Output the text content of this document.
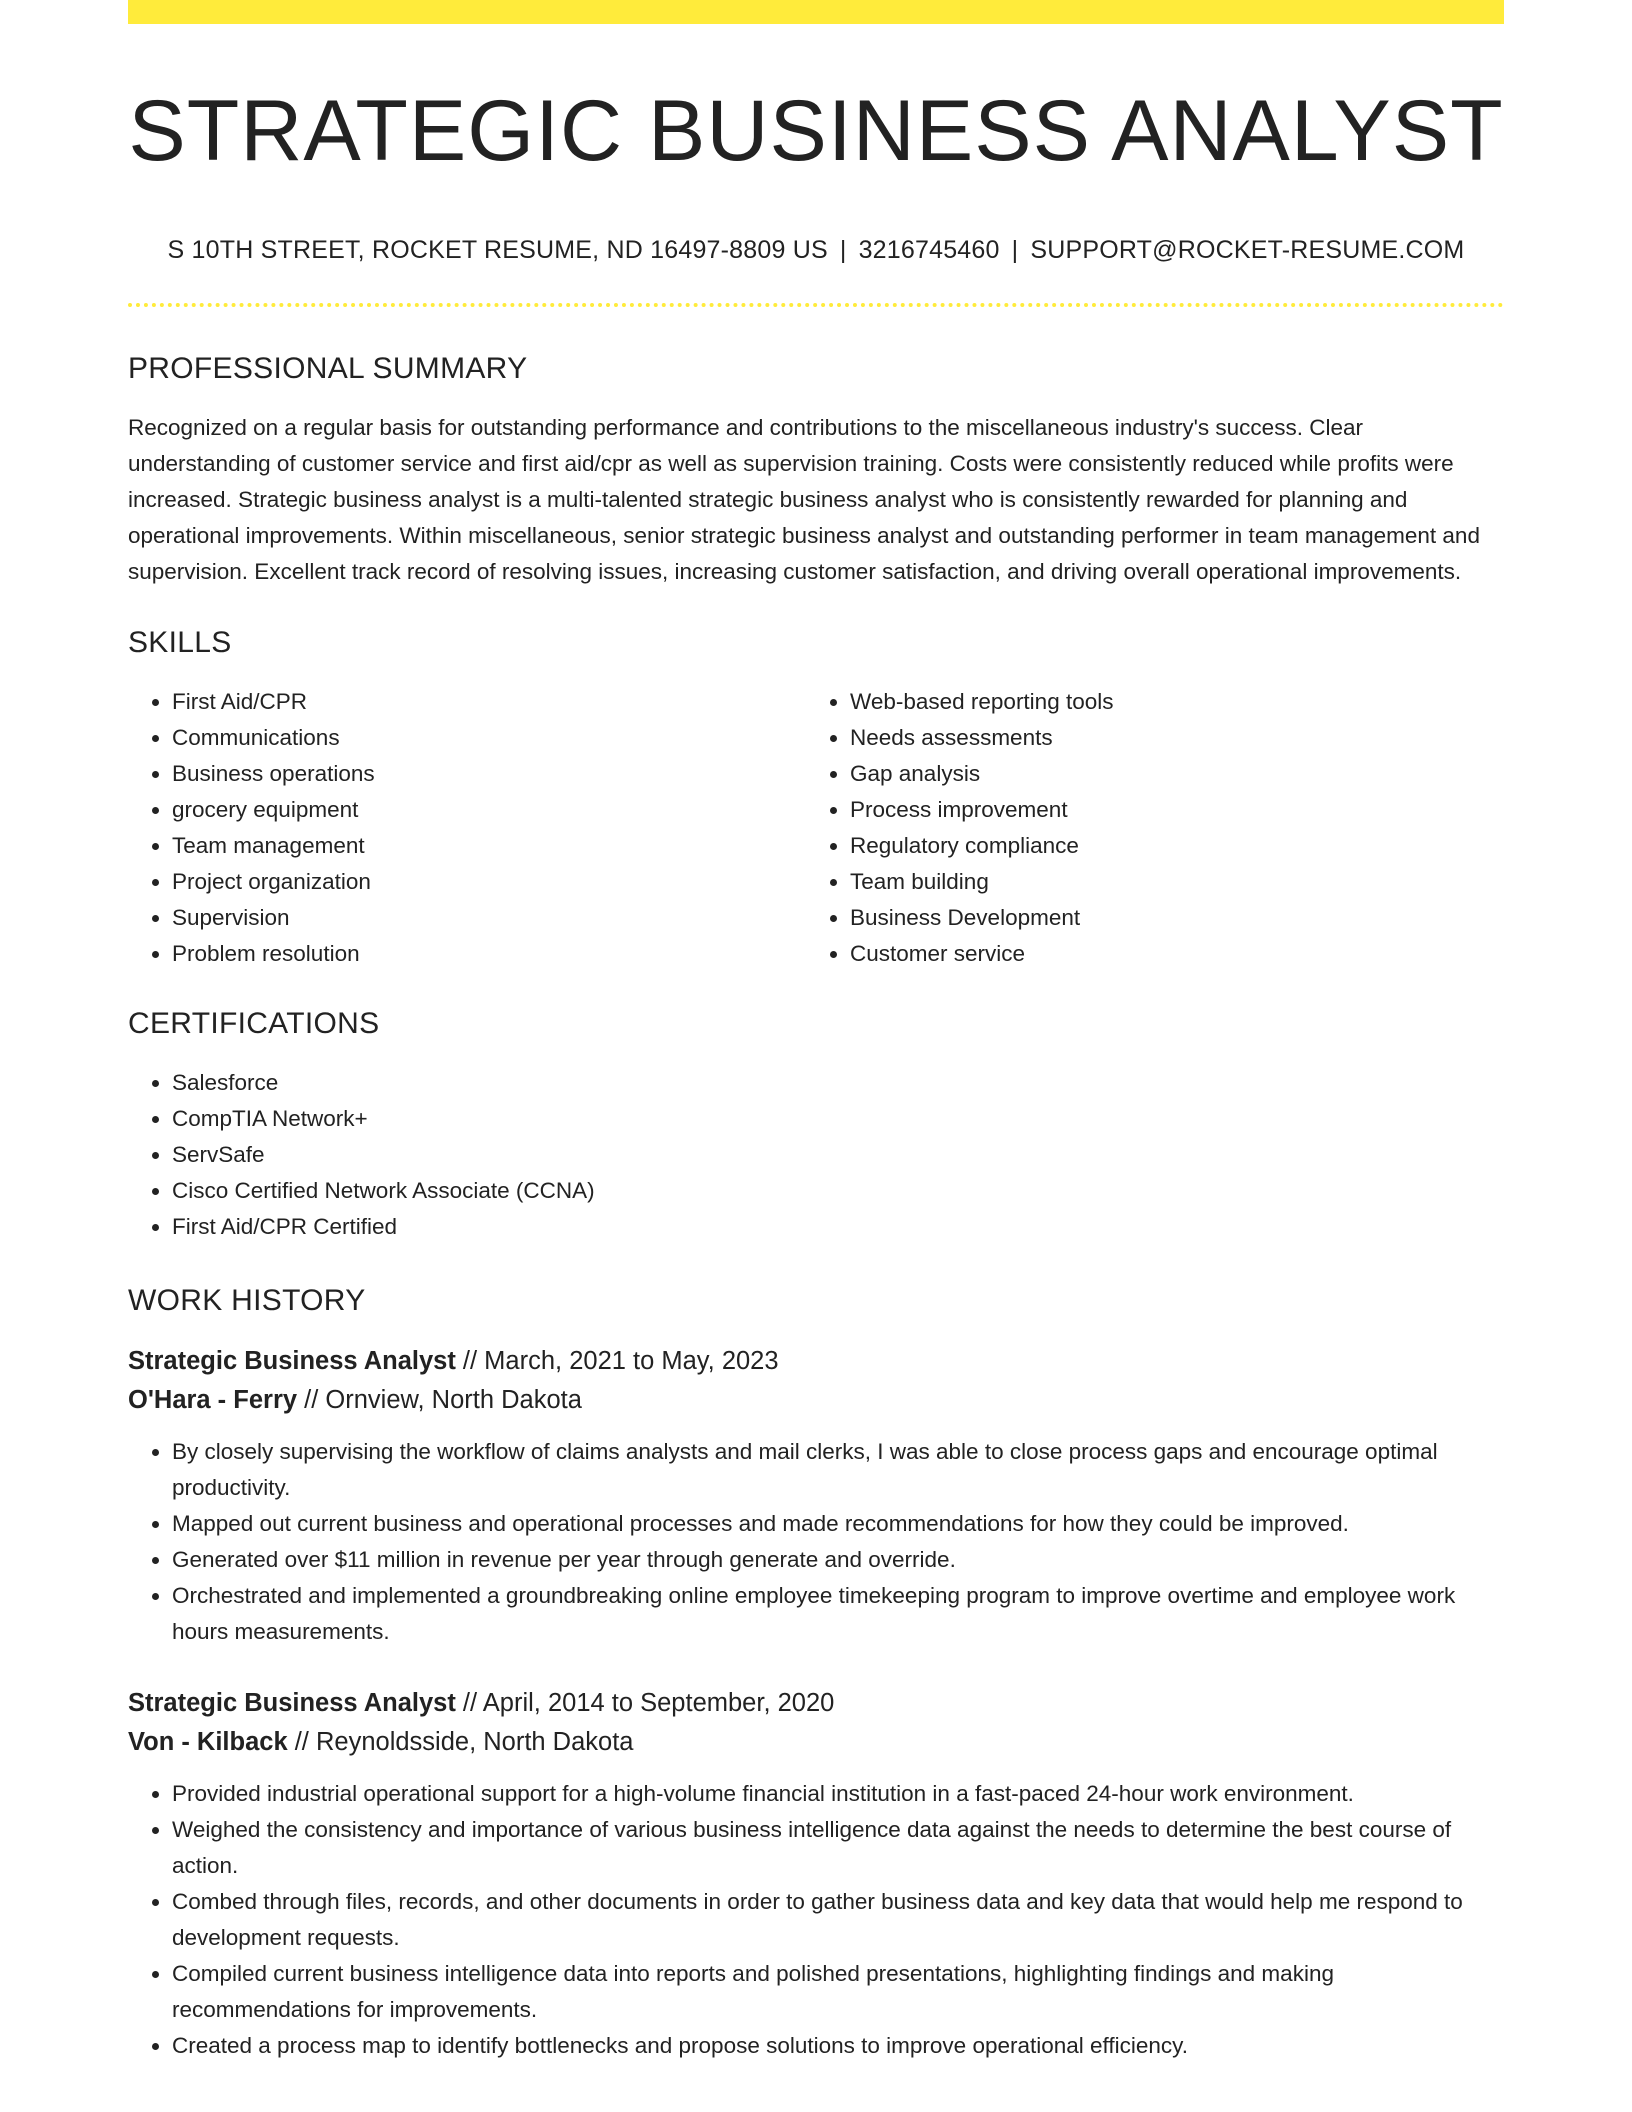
STRATEGIC BUSINESS ANALYST
S 10TH STREET, ROCKET RESUME, ND 16497-8809 US | 3216745460 | SUPPORT@ROCKET-RESUME.COM
PROFESSIONAL SUMMARY
Recognized on a regular basis for outstanding performance and contributions to the miscellaneous industry's success. Clear understanding of customer service and first aid/cpr as well as supervision training. Costs were consistently reduced while profits were increased. Strategic business analyst is a multi-talented strategic business analyst who is consistently rewarded for planning and operational improvements. Within miscellaneous, senior strategic business analyst and outstanding performer in team management and supervision. Excellent track record of resolving issues, increasing customer satisfaction, and driving overall operational improvements.
SKILLS
• First Aid/CPR
• Communications
• Business operations
• grocery equipment
• Team management
• Project organization
• Supervision
• Problem resolution
• Web-based reporting tools
• Needs assessments
• Gap analysis
• Process improvement
• Regulatory compliance
• Team building
• Business Development
• Customer service
CERTIFICATIONS
• Salesforce
• CompTIA Network+
• ServSafe
• Cisco Certified Network Associate (CCNA)
• First Aid/CPR Certified
WORK HISTORY
Strategic Business Analyst // March, 2021 to May, 2023
O'Hara - Ferry // Ornview, North Dakota
• By closely supervising the workflow of claims analysts and mail clerks, I was able to close process gaps and encourage optimal productivity.
• Mapped out current business and operational processes and made recommendations for how they could be improved.
• Generated over $11 million in revenue per year through generate and override.
• Orchestrated and implemented a groundbreaking online employee timekeeping program to improve overtime and employee work hours measurements.
Strategic Business Analyst // April, 2014 to September, 2020
Von - Kilback // Reynoldsside, North Dakota
• Provided industrial operational support for a high-volume financial institution in a fast-paced 24-hour work environment.
• Weighed the consistency and importance of various business intelligence data against the needs to determine the best course of action.
• Combed through files, records, and other documents in order to gather business data and key data that would help me respond to development requests.
• Compiled current business intelligence data into reports and polished presentations, highlighting findings and making recommendations for improvements.
• Created a process map to identify bottlenecks and propose solutions to improve operational efficiency.
